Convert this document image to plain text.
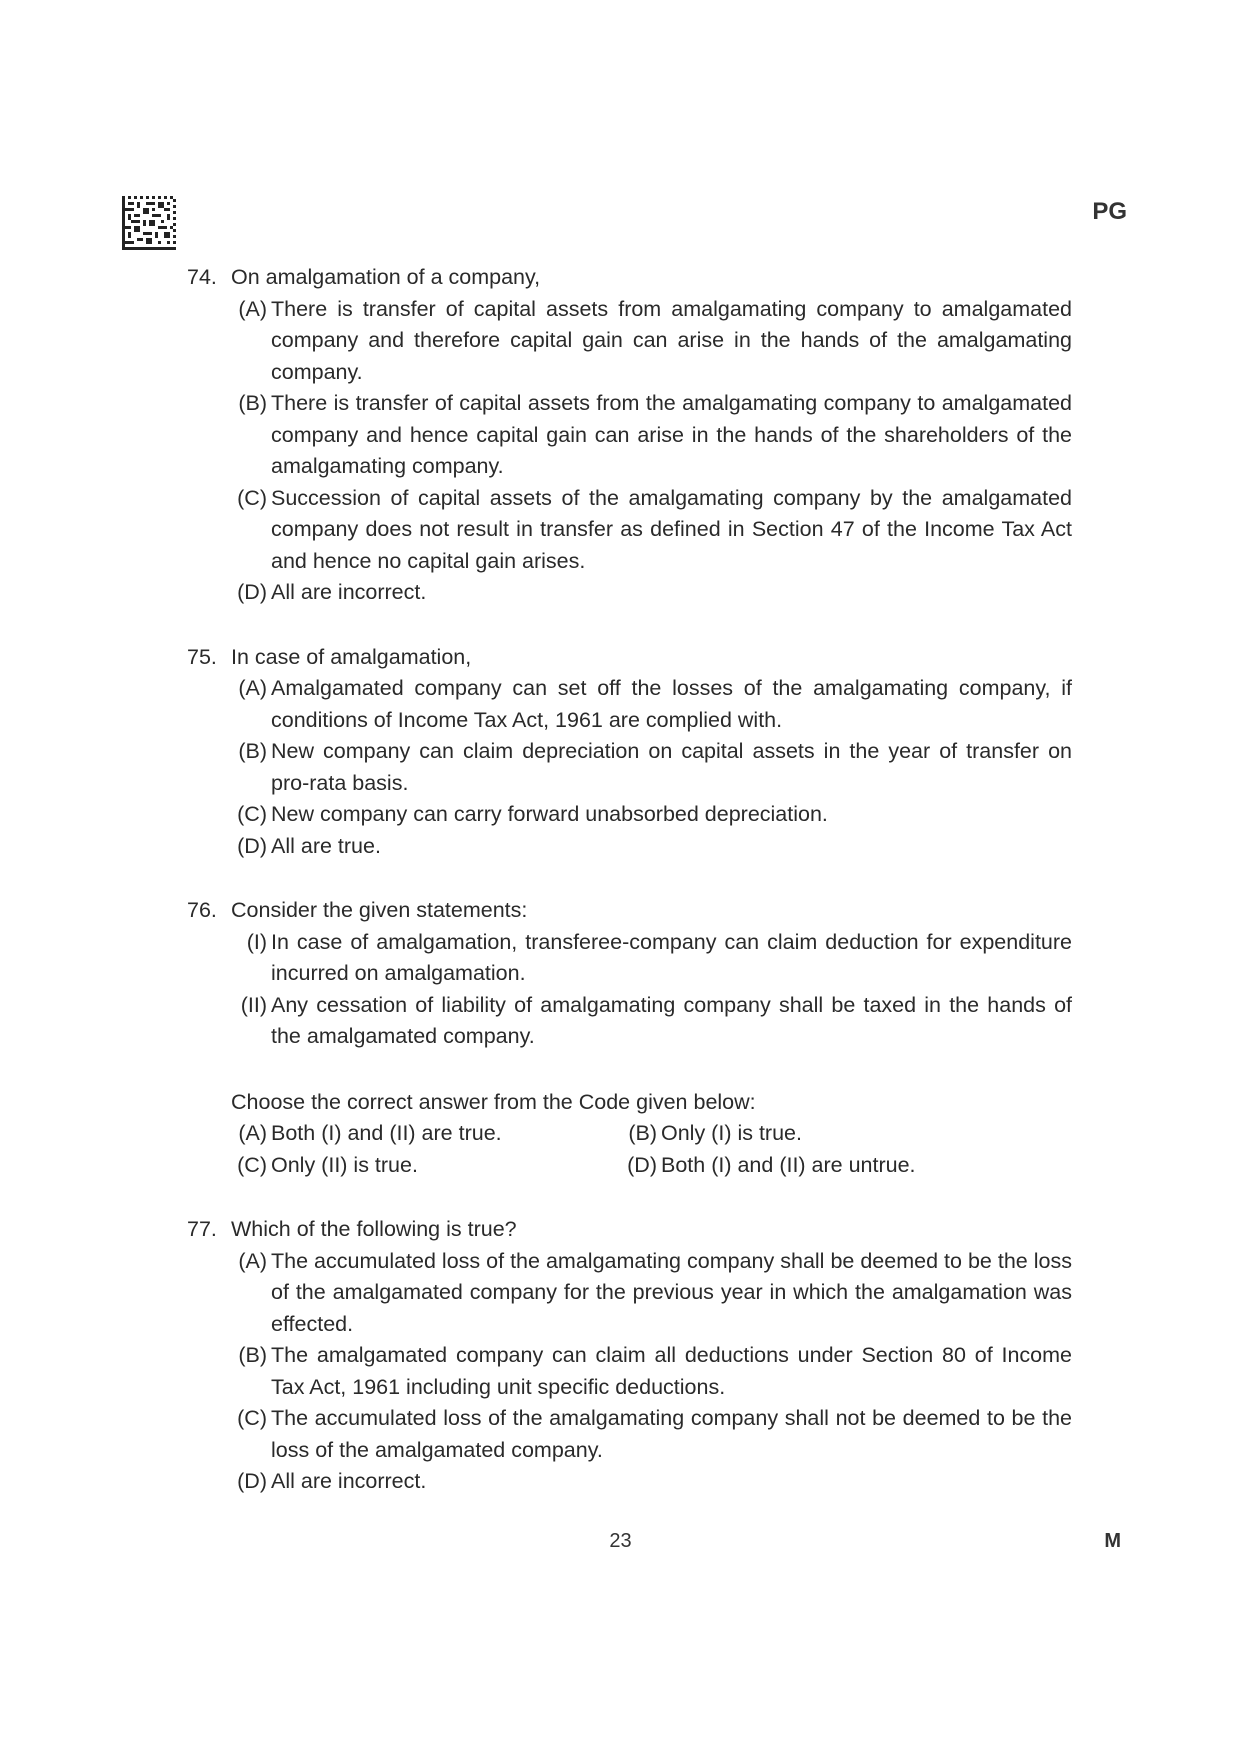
PG
74. On amalgamation of a company,
(A) There is transfer of capital assets from amalgamating company to amalgamated company and therefore capital gain can arise in the hands of the amalgamating company.
(B) There is transfer of capital assets from the amalgamating company to amalgamated company and hence capital gain can arise in the hands of the shareholders of the amalgamating company.
(C) Succession of capital assets of the amalgamating company by the amalgamated company does not result in transfer as defined in Section 47 of the Income Tax Act and hence no capital gain arises.
(D) All are incorrect.
75. In case of amalgamation,
(A) Amalgamated company can set off the losses of the amalgamating company, if conditions of Income Tax Act, 1961 are complied with.
(B) New company can claim depreciation on capital assets in the year of transfer on pro-rata basis.
(C) New company can carry forward unabsorbed depreciation.
(D) All are true.
76. Consider the given statements:
(I) In case of amalgamation, transferee-company can claim deduction for expenditure incurred on amalgamation.
(II) Any cessation of liability of amalgamating company shall be taxed in the hands of the amalgamated company.
Choose the correct answer from the Code given below:
(A) Both (I) and (II) are true.	(B) Only (I) is true.
(C) Only (II) is true.	(D) Both (I) and (II) are untrue.
77. Which of the following is true?
(A) The accumulated loss of the amalgamating company shall be deemed to be the loss of the amalgamated company for the previous year in which the amalgamation was effected.
(B) The amalgamated company can claim all deductions under Section 80 of Income Tax Act, 1961 including unit specific deductions.
(C) The accumulated loss of the amalgamating company shall not be deemed to be the loss of the amalgamated company.
(D) All are incorrect.
23	M
